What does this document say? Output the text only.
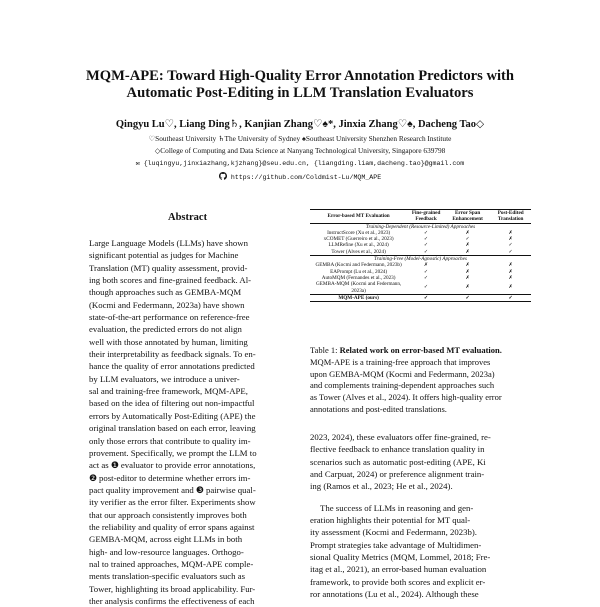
MQM-APE: Toward High-Quality Error Annotation Predictors with
Automatic Post-Editing in LLM Translation Evaluators
Qingyu Lu♡, Liang Ding♄, Kanjian Zhang♡♠*, Jinxia Zhang♡♠, Dacheng Tao◇
♡Southeast University ♄The University of Sydney ♠Southeast University Shenzhen Research Institute
◇College of Computing and Data Science at Nanyang Technological University, Singapore 639798
✉ {luqingyu,jinxiazhang,kjzhang}@seu.edu.cn, {liangding.liam,dacheng.tao}@gmail.com
https://github.com/Coldmist-Lu/MQM_APE
Abstract

Large Language Models (LLMs) have shown

significant potential as judges for Machine

Translation (MT) quality assessment, provid-

ing both scores and fine-grained feedback. Al-

though approaches such as GEMBA-MQM

(Kocmi and Federmann, 2023a) have shown

state-of-the-art performance on reference-free

evaluation, the predicted errors do not align

well with those annotated by human, limiting

their interpretability as feedback signals. To en-

hance the quality of error annotations predicted

by LLM evaluators, we introduce a univer-

sal and training-free framework, MQM-APE,

based on the idea of filtering out non-impactful

errors by Automatically Post-Editing (APE) the

original translation based on each error, leaving

only those errors that contribute to quality im-

provement. Specifically, we prompt the LLM to

act as ❶ evaluator to provide error annotations,

❷ post-editor to determine whether errors im-

pact quality improvement and ❸ pairwise qual-

ity verifier as the error filter. Experiments show

that our approach consistently improves both

the reliability and quality of error spans against

GEMBA-MQM, across eight LLMs in both

high- and low-resource languages. Orthogo-

nal to trained approaches, MQM-APE comple-

ments translation-specific evaluators such as

Tower, highlighting its broad applicability. Fur-

ther analysis confirms the effectiveness of each

Error-based MT Evaluation	Fine-grained Feedback	Error Span Enhancement	Post-Edited Translation
Training-Dependent (Resource-Limited) Approaches			
InstructScore (Xu et al., 2023)	✓	✗	✗
xCOMET (Guerreiro et al., 2023)	✓	✓	✗
LLMRefine (Xu et al., 2024)	✓	✗	✓
Tower (Alves et al., 2024)	✓	✗	✓
Training-Free (Model-Agnostic) Approaches			
GEMBA (Kocmi and Federmann, 2023b)	✗	✗	✗
EAPrompt (Lu et al., 2024)	✓	✗	✗
AutoMQM (Fernandes et al., 2023)	✓	✗	✗
GEMBA-MQM (Kocmi and Federmann, 2023a)	✓	✗	✗
MQM-APE (ours)	✓	✓	✓

Table 1: Related work on error-based MT evaluation.

MQM-APE is a training-free approach that improves

upon GEMBA-MQM (Kocmi and Federmann, 2023a)

and complements training-dependent approaches such

as Tower (Alves et al., 2024). It offers high-quality error

annotations and post-edited translations.

2023, 2024), these evaluators offer fine-grained, re-

flective feedback to enhance translation quality in

scenarios such as automatic post-editing (APE, Ki

and Carpuat, 2024) or preference alignment train-

ing (Ramos et al., 2023; He et al., 2024).

The success of LLMs in reasoning and gen-

eration highlights their potential for MT qual-

ity assessment (Kocmi and Federmann, 2023b).

Prompt strategies take advantage of Multidimen-

sional Quality Metrics (MQM, Lommel, 2018; Fre-

itag et al., 2021), an error-based human evaluation

framework, to provide both scores and explicit er-

ror annotations (Lu et al., 2024). Although these
